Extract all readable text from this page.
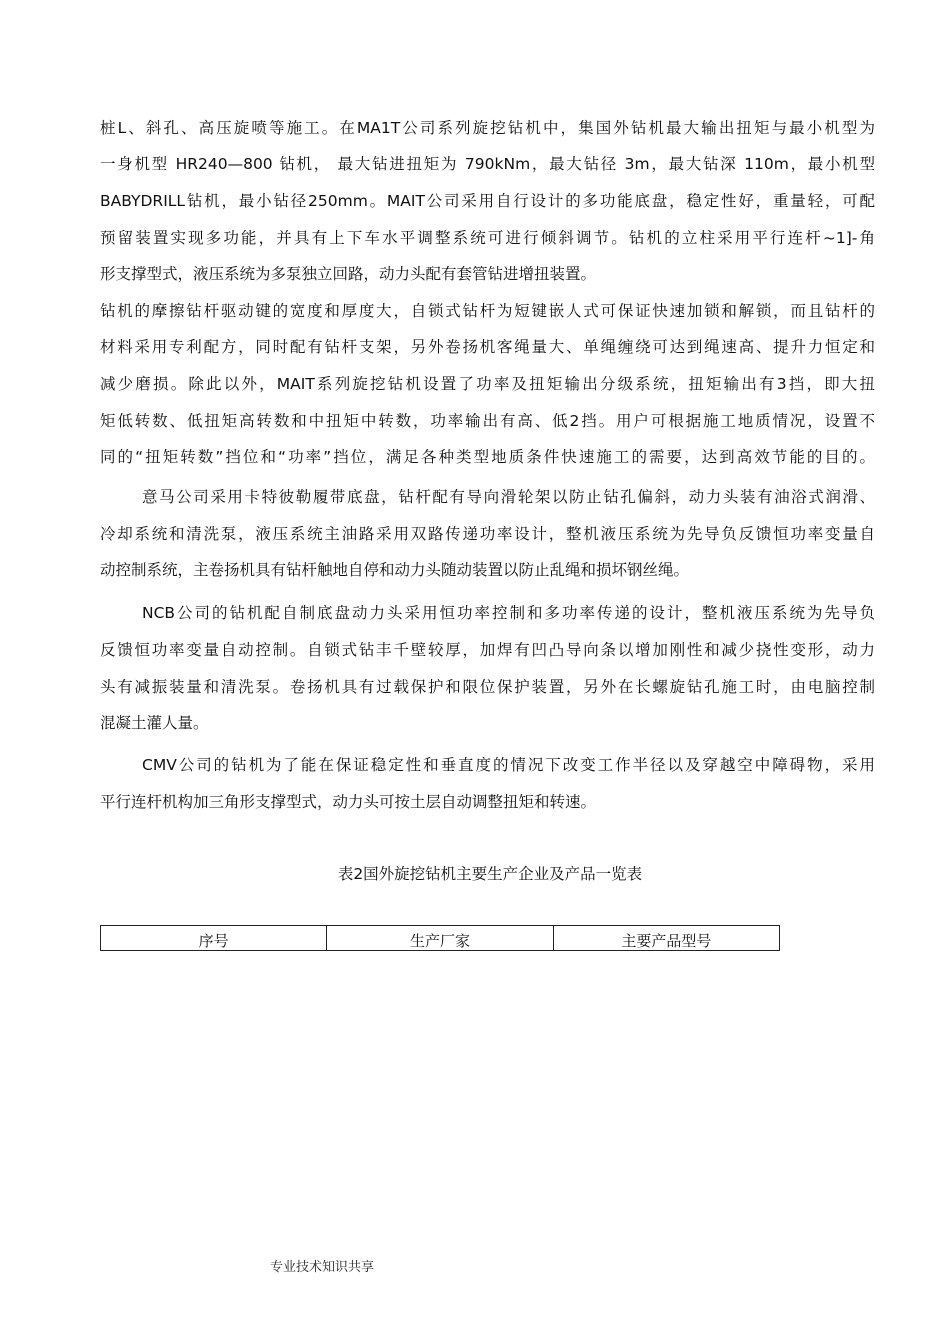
桩L、斜孔、高压旋喷等施工。在MA1T公司系列旋挖钻机中，集国外钻机最大输出扭矩与最小机型为
一身机型 HR240—800 钻机， 最大钻进扭矩为 790kNm，最大钻径 3m，最大钻深 110m，最小机型
BABYDRILL钻机，最小钻径250mm。MAIT公司采用自行设计的多功能底盘，稳定性好，重量轻，可配
预留装置实现多功能，并具有上下车水平调整系统可进行倾斜调节。钻机的立柱采用平行连杆~1]-角
形支撑型式，液压系统为多泵独立回路，动力头配有套管钻进增扭装置。
钻机的摩擦钻杆驱动键的宽度和厚度大，自锁式钻杆为短键嵌人式可保证快速加锁和解锁，而且钻杆的
材料采用专利配方，同时配有钻杆支架，另外卷扬机客绳量大、单绳缠绕可达到绳速高、提升力恒定和
减少磨损。除此以外，MAIT系列旋挖钻机设置了功率及扭矩输出分级系统，扭矩输出有3挡，即大扭
矩低转数、低扭矩高转数和中扭矩中转数，功率输出有高、低2挡。用户可根据施工地质情况，设置不
同的“扭矩转数”挡位和“功率”挡位，满足各种类型地质条件快速施工的需要，达到高效节能的目的。
意马公司采用卡特彼勒履带底盘，钻杆配有导向滑轮架以防止钻孔偏斜，动力头装有油浴式润滑、
冷却系统和清洗泵，液压系统主油路采用双路传递功率设计，整机液压系统为先导负反馈恒功率变量自
动控制系统，主卷扬机具有钻杆触地自停和动力头随动装置以防止乱绳和损坏钢丝绳。
NCB公司的钻机配自制底盘动力头采用恒功率控制和多功率传递的设计，整机液压系统为先导负
反馈恒功率变量自动控制。自锁式钻丰千壁较厚，加焊有凹凸导向条以增加刚性和减少挠性变形，动力
头有减振装量和清洗泵。卷扬机具有过载保护和限位保护装置，另外在长螺旋钻孔施工时，由电脑控制
混凝土灌人量。
CMV公司的钻机为了能在保证稳定性和垂直度的情况下改变工作半径以及穿越空中障碍物，采用
平行连杆机构加三角形支撑型式，动力头可按土层自动调整扭矩和转速。
表2国外旋挖钻机主要生产企业及产品一览表
序号	生产厂家	主要产品型号
专业技术知识共享
